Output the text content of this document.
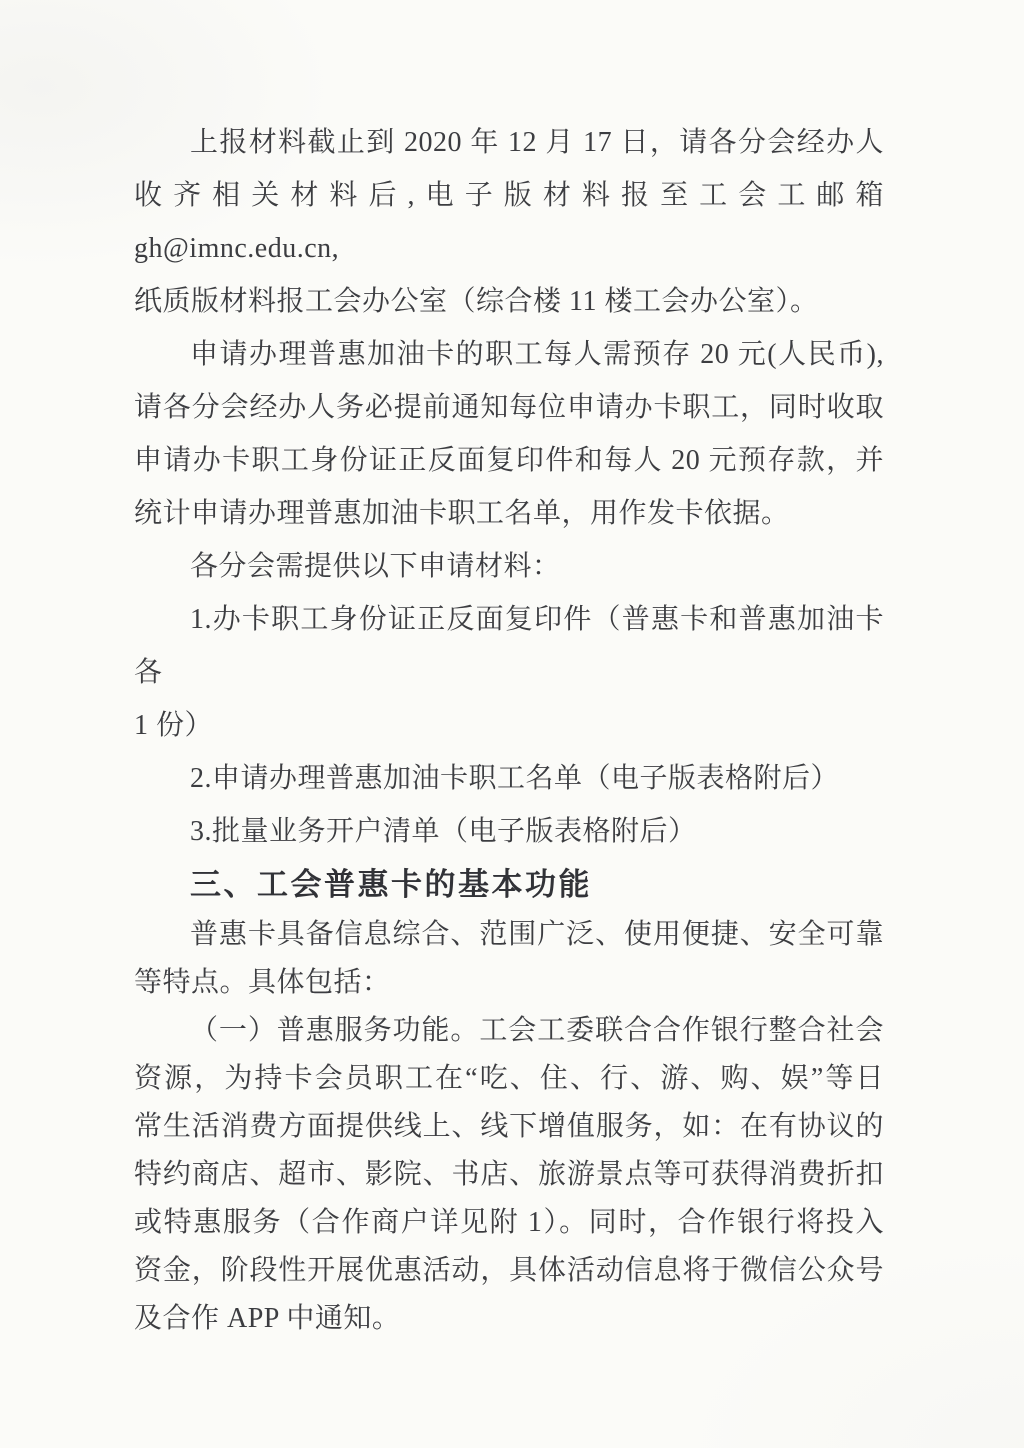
上报材料截止到 2020 年 12 月 17 日，请各分会经办人

收齐相关材料后,电子版材料报至工会工邮箱 gh@imnc.edu.cn,

纸质版材料报工会办公室（综合楼 11 楼工会办公室）。

申请办理普惠加油卡的职工每人需预存 20 元(人民币),

请各分会经办人务必提前通知每位申请办卡职工，同时收取

申请办卡职工身份证正反面复印件和每人 20 元预存款，并

统计申请办理普惠加油卡职工名单，用作发卡依据。

各分会需提供以下申请材料：

1.办卡职工身份证正反面复印件（普惠卡和普惠加油卡各

1 份）

2.申请办理普惠加油卡职工名单（电子版表格附后）

3.批量业务开户清单（电子版表格附后）

三、工会普惠卡的基本功能

普惠卡具备信息综合、范围广泛、使用便捷、安全可靠

等特点。具体包括：

（一）普惠服务功能。工会工委联合合作银行整合社会

资源，为持卡会员职工在“吃、住、行、游、购、娱”等日

常生活消费方面提供线上、线下增值服务，如：在有协议的

特约商店、超市、影院、书店、旅游景点等可获得消费折扣

或特惠服务（合作商户详见附 1）。同时，合作银行将投入

资金，阶段性开展优惠活动，具体活动信息将于微信公众号

及合作 APP 中通知。
